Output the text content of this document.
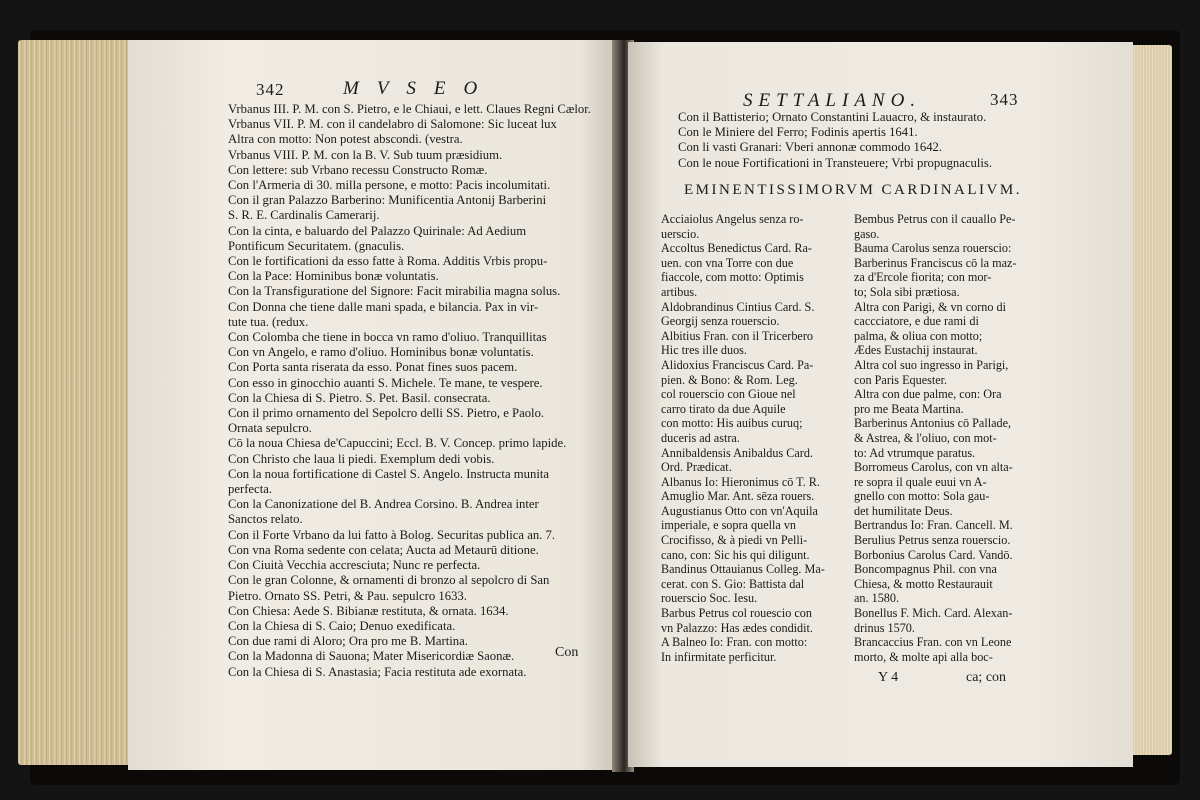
342	MVSEO
Vrbanus III. P. M. con S. Pietro, e le Chiaui, e lett. Claues Regni Cælor.
Vrbanus VII. P. M. con il candelabro di Salomone: Sic luceat lux
Altra con motto: Non potest abscondi. (vestra.
Vrbanus VIII. P. M. con la B. V. Sub tuum præsidium.
Con lettere: sub Vrbano recessu Constructo Romæ.
Con l'Armeria di 30. milla persone, e motto: Pacis incolumitati.
Con il gran Palazzo Barberino: Munificentia Antonij Barberini
S. R. E. Cardinalis Camerarij.
Con la cinta, e baluardo del Palazzo Quirinale: Ad Aedium
Pontificum Securitatem. (gnaculis.
Con le fortificationi da esso fatte à Roma. Additis Vrbis propu-
Con la Pace: Hominibus bonæ voluntatis.
Con la Transfiguratione del Signore: Facit mirabilia magna solus.
Con Donna che tiene dalle mani spada, e bilancia. Pax in vir-
tute tua. (redux.
Con Colomba che tiene in bocca vn ramo d'oliuo. Tranquillitas
Con vn Angelo, e ramo d'oliuo. Hominibus bonæ voluntatis.
Con Porta santa riserata da esso. Ponat fines suos pacem.
Con esso in ginocchio auanti S. Michele. Te mane, te vespere.
Con la Chiesa di S. Pietro. S. Pet. Basil. consecrata.
Con il primo ornamento del Sepolcro delli SS. Pietro, e Paolo.
Ornata sepulcro.
Cō la noua Chiesa de'Capuccini; Eccl. B. V. Concep. primo lapide.
Con Christo che laua li piedi. Exemplum dedi vobis.
Con la noua fortificatione di Castel S. Angelo. Instructa munita
perfecta.
Con la Canonizatione del B. Andrea Corsino. B. Andrea inter
Sanctos relato.
Con il Forte Vrbano da lui fatto à Bolog. Securitas publica an. 7.
Con vna Roma sedente con celata; Aucta ad Metaurū ditione.
Con Ciuità Vecchia accresciuta; Nunc re perfecta.
Con le gran Colonne, & ornamenti di bronzo al sepolcro di San
Pietro. Ornato SS. Petri, & Pau. sepulcro 1633.
Con Chiesa: Aede S. Bibianæ restituta, & ornata. 1634.
Con la Chiesa di S. Caio; Denuo exedificata.
Con due rami di Aloro; Ora pro me B. Martina.
Con la Madonna di Sauona; Mater Misericordiæ Saonæ.
Con la Chiesa di S. Anastasia; Facia restituta ade exornata.
Con
SETTALIANO.	343
Con il Battisterio; Ornato Constantini Lauacro, & instaurato.
Con le Miniere del Ferro; Fodinis apertis 1641.
Con li vasti Granari: Vberi annonæ commodo 1642.
Con le noue Fortificationi in Transteuere; Vrbi propugnaculis.
EMINENTISSIMORVM CARDINALIVM.
Acciaiolus Angelus senza ro-
uerscio.
Accoltus Benedictus Card. Ra-
uen. con vna Torre con due
fiaccole, com motto: Optimis
artibus.
Aldobrandinus Cintius Card. S.
Georgij senza rouerscio.
Albitius Fran. con il Tricerbero
Hic tres ille duos.
Alidoxius Franciscus Card. Pa-
pien. & Bono: & Rom. Leg.
col rouerscio con Gioue nel
carro tirato da due Aquile
con motto: His auibus curuq;
duceris ad astra.
Annibaldensis Anibaldus Card.
Ord. Prædicat.
Albanus Io: Hieronimus cō T. R.
Amuglio Mar. Ant. sēza rouers.
Augustianus Otto con vn'Aquila
imperiale, e sopra quella vn
Crocifisso, & à piedi vn Pelli-
cano, con: Sic his qui diligunt.
Bandinus Ottauianus Colleg. Ma-
cerat. con S. Gio: Battista dal
rouerscio Soc. Iesu.
Barbus Petrus col rouescio con
vn Palazzo: Has ædes condidit.
A Balneo Io: Fran. con motto:
In infirmitate perficitur.
Bembus Petrus con il cauallo Pe-
gaso.
Bauma Carolus senza rouerscio:
Barberinus Franciscus cō la maz-
za d'Ercole fiorita; con mor-
to; Sola sibi prætiosa.
Altra con Parigi, & vn corno di
caccciatore, e due rami di
palma, & oliua con motto;
Ædes Eustachij instaurat.
Altra col suo ingresso in Parigi,
con Paris Equester.
Altra con due palme, con: Ora
pro me Beata Martina.
Barberinus Antonius cō Pallade,
& Astrea, & l'oliuo, con mot-
to: Ad vtrumque paratus.
Borromeus Carolus, con vn alta-
re sopra il quale euui vn A-
gnello con motto: Sola gau-
det humilitate Deus.
Bertrandus Io: Fran. Cancell. M.
Berulius Petrus senza rouerscio.
Borbonius Carolus Card. Vandō.
Boncompagnus Phil. con vna
Chiesa, & motto Restaurauit
an. 1580.
Bonellus F. Mich. Card. Alexan-
drinus 1570.
Brancaccius Fran. con vn Leone
morto, & molte api alla boc-
Y 4	ca; con
